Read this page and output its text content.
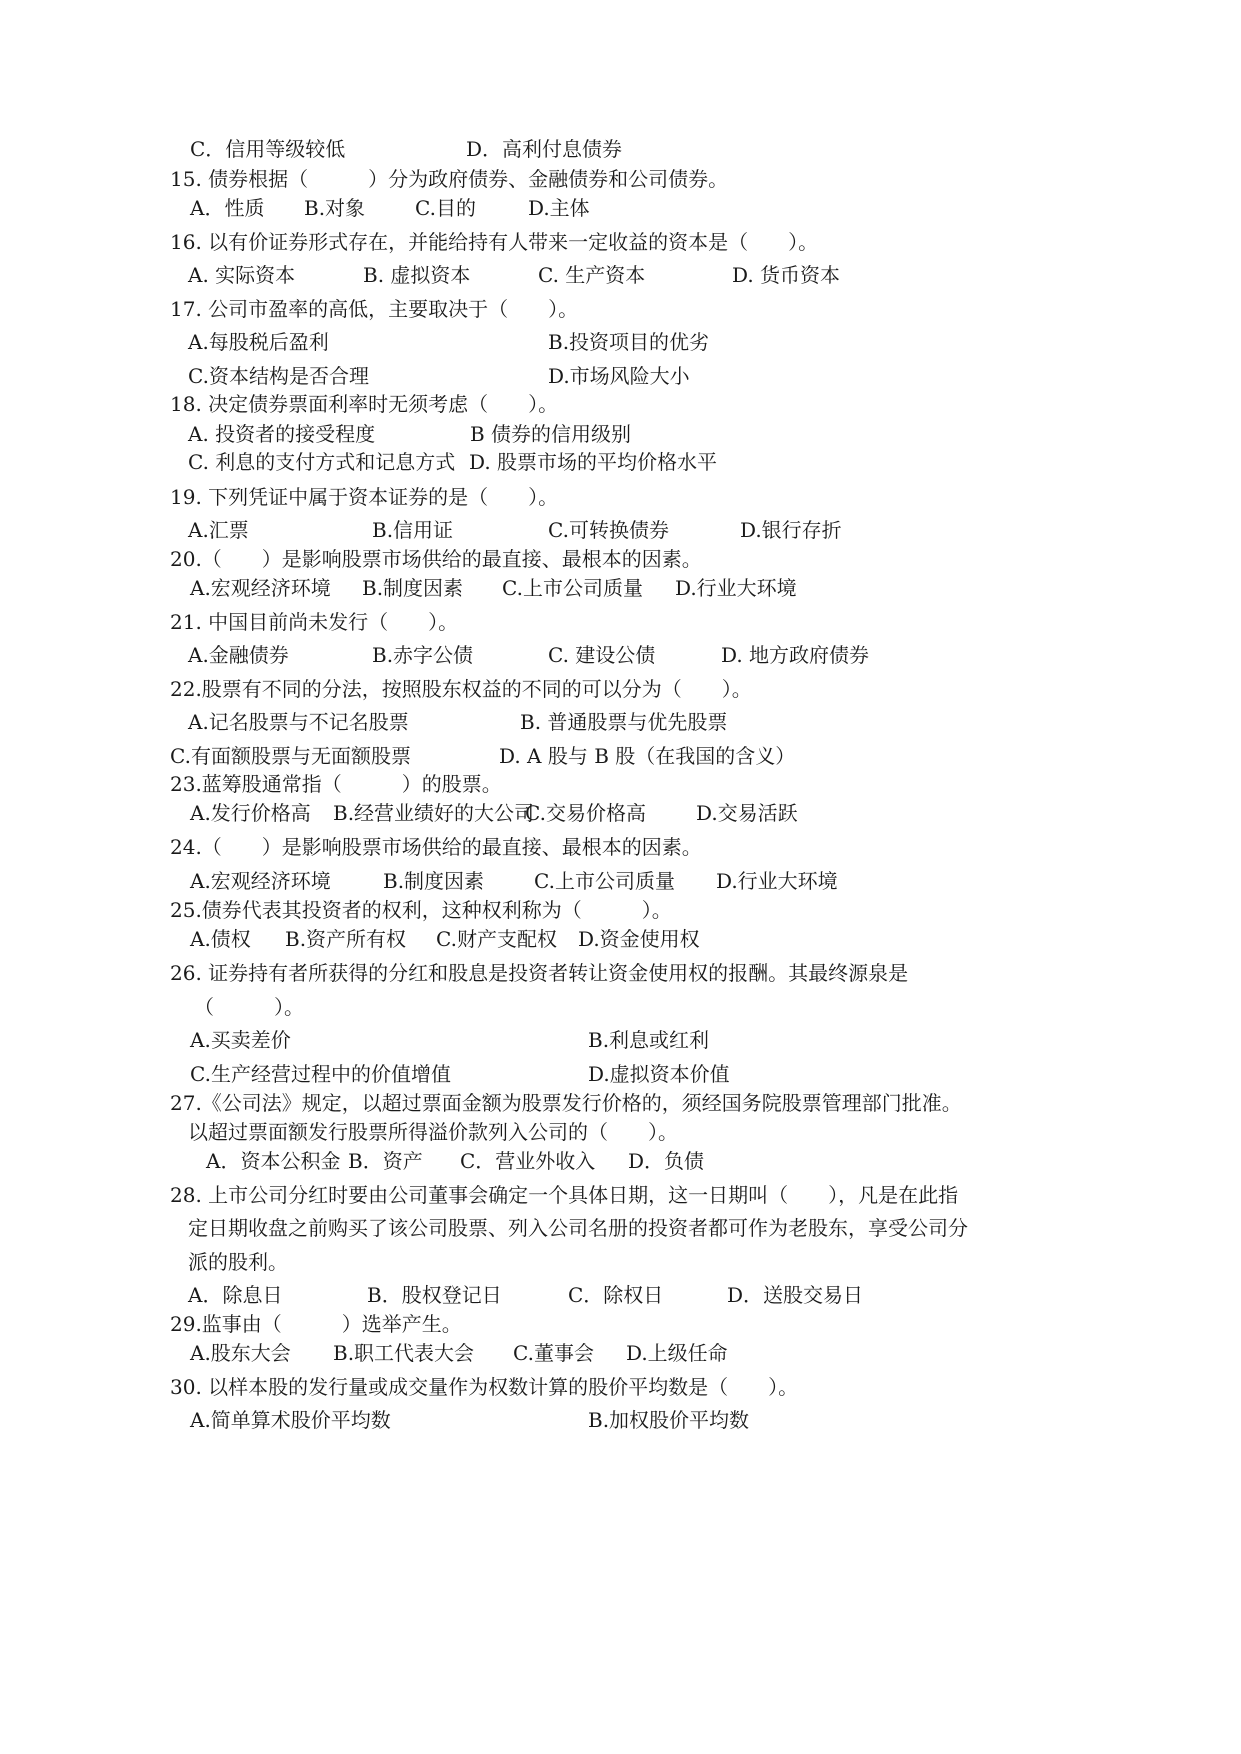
C．信用等级较低	D．高利付息债券
15. 债券根据（　　　）分为政府债券、金融债券和公司债券。
A．性质 B.对象 C.目的	D.主体
16. 以有价证券形式存在，并能给持有人带来一定收益的资本是（　　）。
A. 实际资本	B. 虚拟资本	C. 生产资本	D. 货币资本
17. 公司市盈率的高低，主要取决于（　　）。
A.每股税后盈利	B.投资项目的优劣
C.资本结构是否合理	D.市场风险大小
18. 决定债券票面利率时无须考虑（　　）。
A. 投资者的接受程度	B 债券的信用级别
C. 利息的支付方式和记息方式 D. 股票市场的平均价格水平
19. 下列凭证中属于资本证券的是（　　）。
A.汇票	B.信用证	C.可转换债券	D.银行存折
20.（　　）是影响股票市场供给的最直接、最根本的因素。
A.宏观经济环境 B.制度因素 C.上市公司质量 D.行业大环境
21. 中国目前尚未发行（　　）。
A.金融债券	B.赤字公债	C. 建设公债	D. 地方政府债券
22.股票有不同的分法，按照股东权益的不同的可以分为（　　）。
A.记名股票与不记名股票	B. 普通股票与优先股票
C.有面额股票与无面额股票	D. A 股与 B 股（在我国的含义）
23.蓝筹股通常指（　　　）的股票。
A.发行价格高 B.经营业绩好的大公司
C.交易价格高	D.交易活跃
24.（　　）是影响股票市场供给的最直接、最根本的因素。
A.宏观经济环境	B.制度因素 C.上市公司质量 D.行业大环境
25.债券代表其投资者的权利，这种权利称为（　　　）。
A.债权 B.资产所有权 C.财产支配权 D.资金使用权
26. 证券持有者所获得的分红和股息是投资者转让资金使用权的报酬。其最终源泉是
（　　　）。
A.买卖差价	B.利息或红利
C.生产经营过程中的价值增值	D.虚拟资本价值
27.《公司法》规定，以超过票面金额为股票发行价格的，须经国务院股票管理部门批准。
以超过票面额发行股票所得溢价款列入公司的（　　）。
A．资本公积金 B．资产 C．营业外收入 D．负债
28. 上市公司分红时要由公司董事会确定一个具体日期，这一日期叫（　　），凡是在此指
定日期收盘之前购买了该公司股票、列入公司名册的投资者都可作为老股东，享受公司分
派的股利。
A．除息日	B．股权登记日	C．除权日	D．送股交易日
29.监事由（　　　）选举产生。
A.股东大会 B.职工代表大会 C.董事会 D.上级任命
30. 以样本股的发行量或成交量作为权数计算的股价平均数是（　　）。
A.简单算术股价平均数	B.加权股价平均数
